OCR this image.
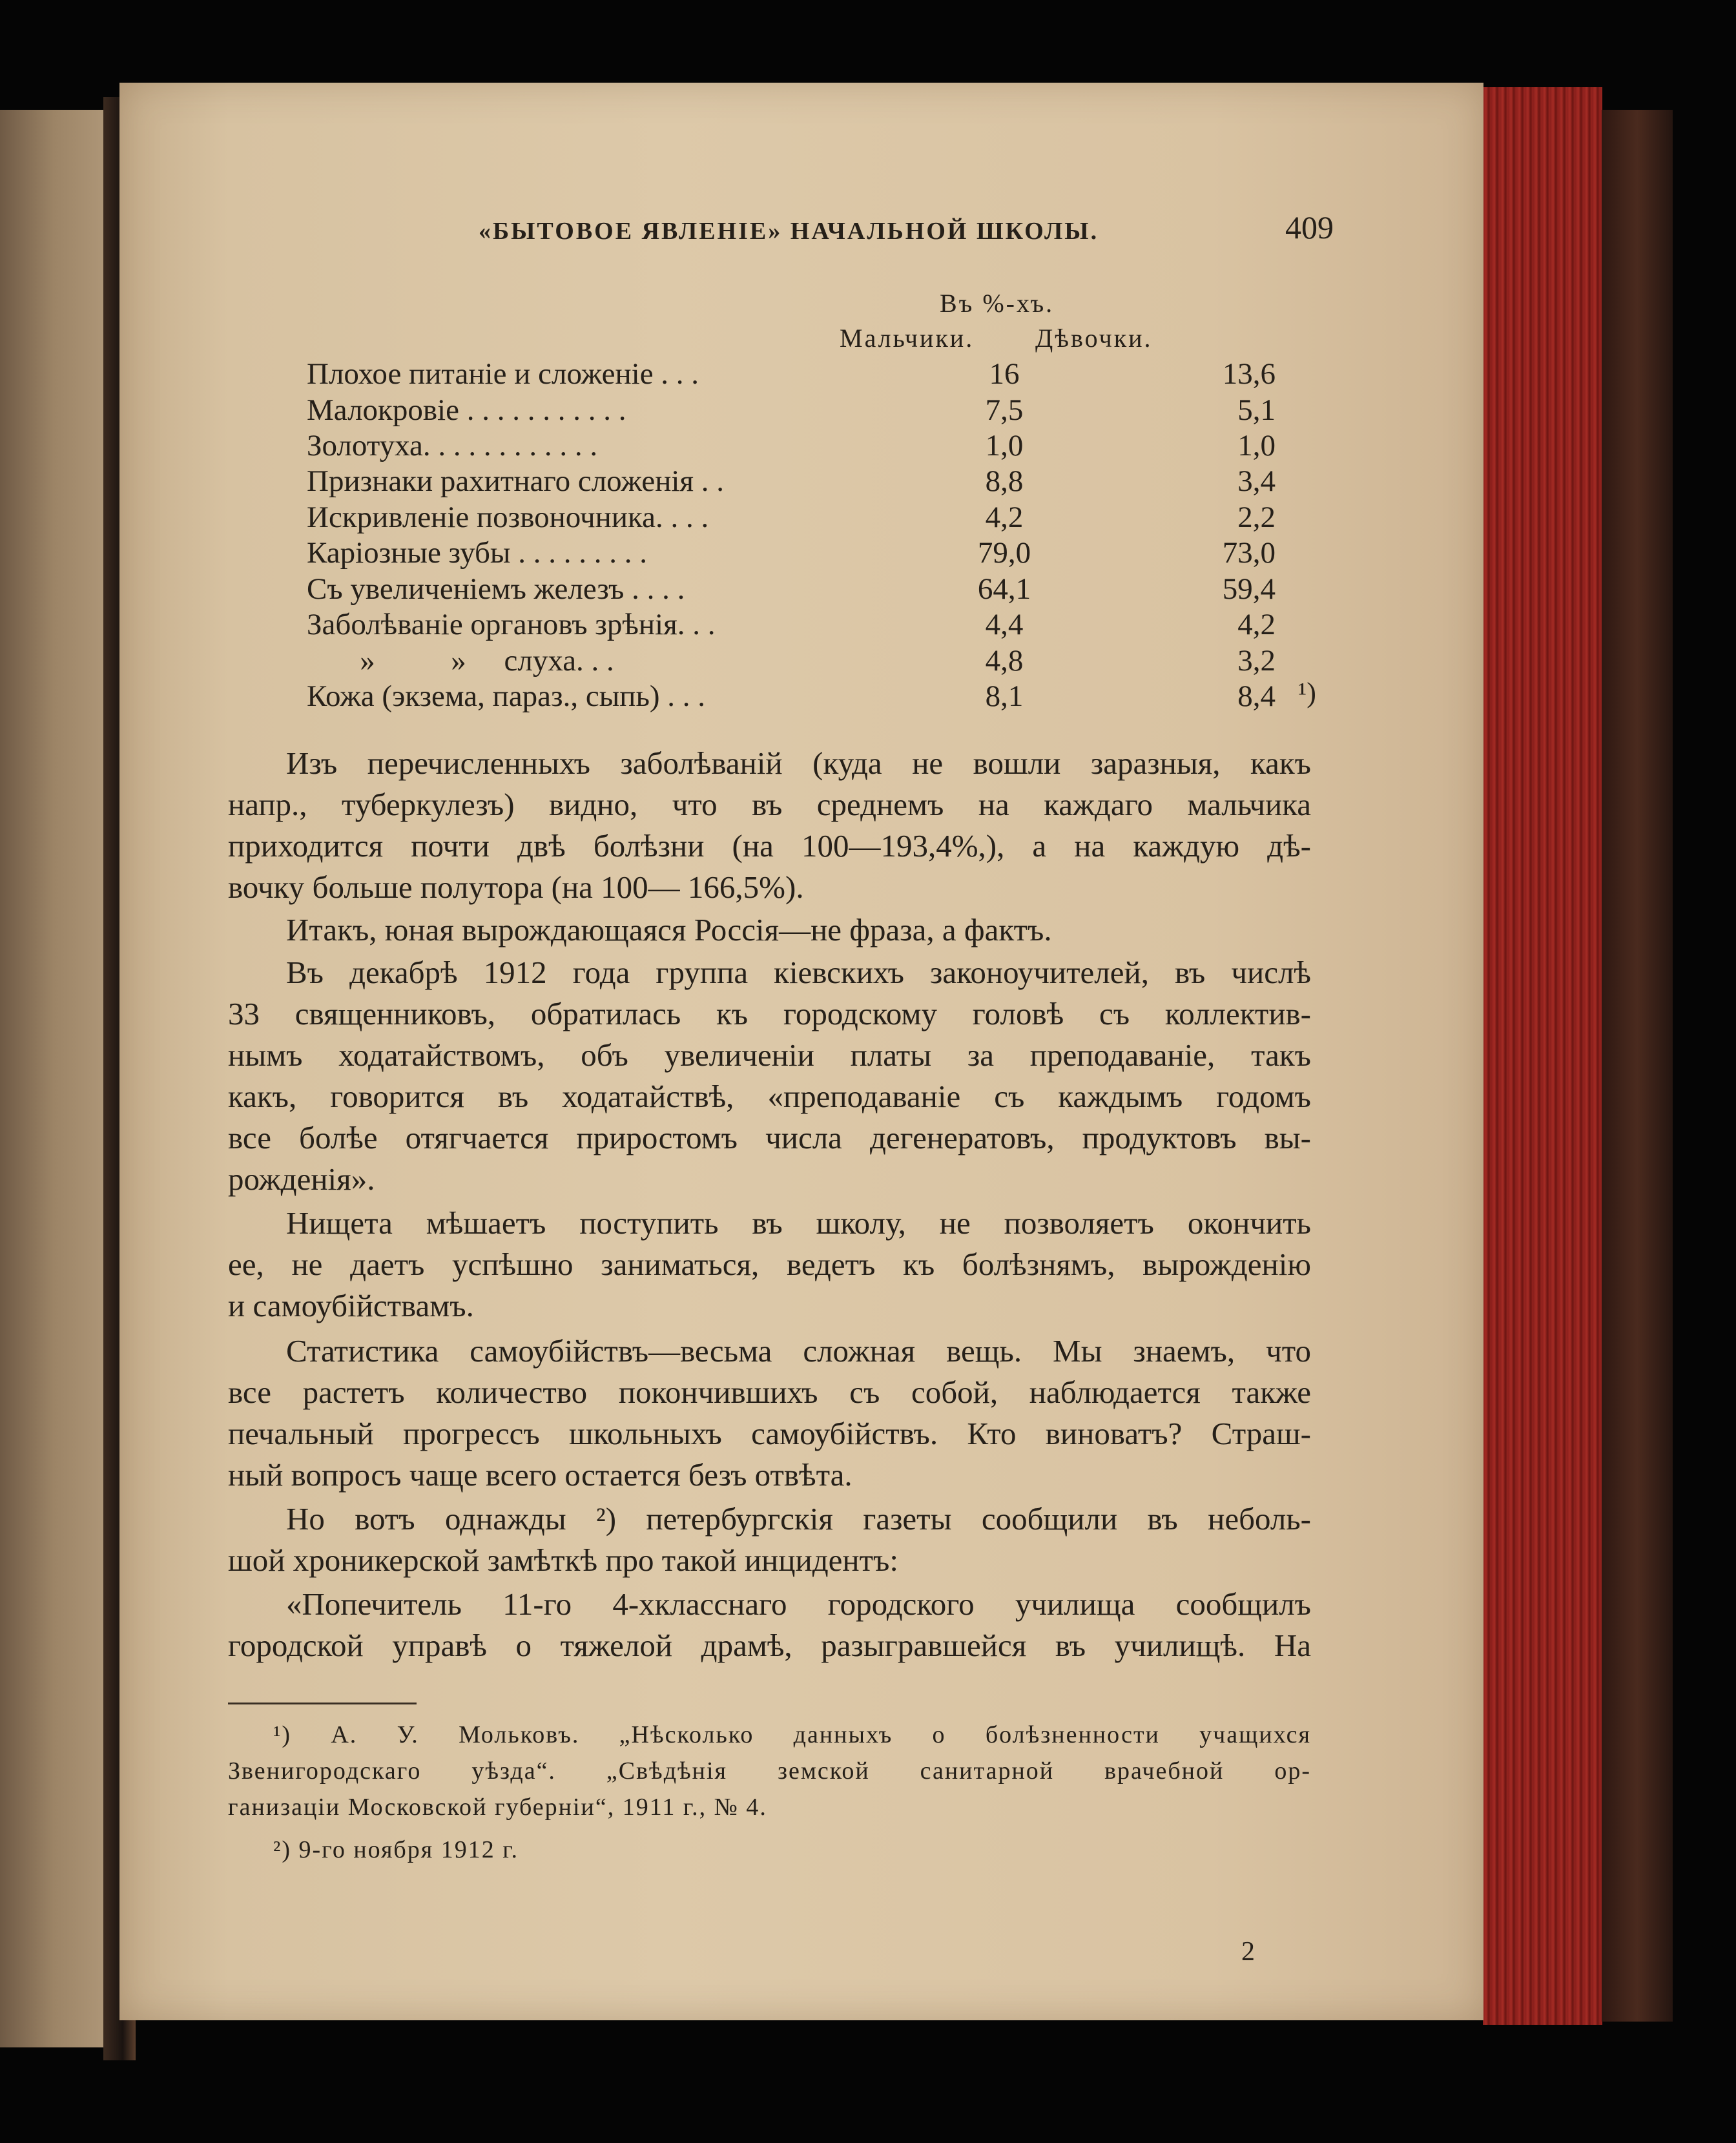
«БЫТОВОЕ ЯВЛЕНІЕ» НАЧАЛЬНОЙ ШКОЛЫ.	409
Въ %-хъ.
Мальчики. Дѣвочки.
Плохое питаніе и сложеніе . . .	16	13,6
Малокровіе . . . . . . . . . . .	7,5	5,1
Золотуха. . . . . . . . . . . .	1,0	1,0
Признаки рахитнаго сложенія . .	8,8	3,4
Искривленіе позвоночника. . . .	4,2	2,2
Каріозные зубы . . . . . . . . .	79,0	73,0
Съ увеличеніемъ железъ . . . .	64,1	59,4
Заболѣваніе органовъ зрѣнія. . .	4,4	4,2
»          »     слуха. . .	4,8	3,2
Кожа (экзема, параз., сыпь) . . .	8,1	8,4 ¹)
Изъ перечисленныхъ заболѣваній (куда не вошли заразныя, какъ
напр., туберкулезъ) видно, что въ среднемъ на каждаго мальчика
приходится почти двѣ болѣзни (на 100—193,4%,), а на каждую дѣ-
вочку больше полутора (на 100— 166,5%).
Итакъ, юная вырождающаяся Россія—не фраза, а фактъ.
Въ декабрѣ 1912 года группа кіевскихъ законоучителей, въ числѣ
33 священниковъ, обратилась къ городскому головѣ съ коллектив-
нымъ ходатайствомъ, объ увеличеніи платы за преподаваніе, такъ
какъ, говорится въ ходатайствѣ, «преподаваніе съ каждымъ годомъ
все болѣе отягчается приростомъ числа дегенератовъ, продуктовъ вы-
рожденія».
Нищета мѣшаетъ поступить въ школу, не позволяетъ окончить
ее, не даетъ успѣшно заниматься, ведетъ къ болѣзнямъ, вырожденію
и самоубійствамъ.
Статистика самоубійствъ—весьма сложная вещь. Мы знаемъ, что
все растетъ количество покончившихъ съ собой, наблюдается также
печальный прогрессъ школьныхъ самоубійствъ. Кто виноватъ? Страш-
ный вопросъ чаще всего остается безъ отвѣта.
Но вотъ однажды ²) петербургскія газеты сообщили въ неболь-
шой хроникерской замѣткѣ про такой инцидентъ:
«Попечитель 11-го 4-хкласснаго городского училища сообщилъ
городской управѣ о тяжелой драмѣ, разыгравшейся въ училищѣ. На
¹) А. У. Мольковъ. „Нѣсколько данныхъ о болѣзненности учащихся
Звенигородскаго уѣзда“. „Свѣдѣнія земской санитарной врачебной ор-
ганизаціи Московской губерніи“, 1911 г., № 4.
²) 9-го ноября 1912 г.
2
